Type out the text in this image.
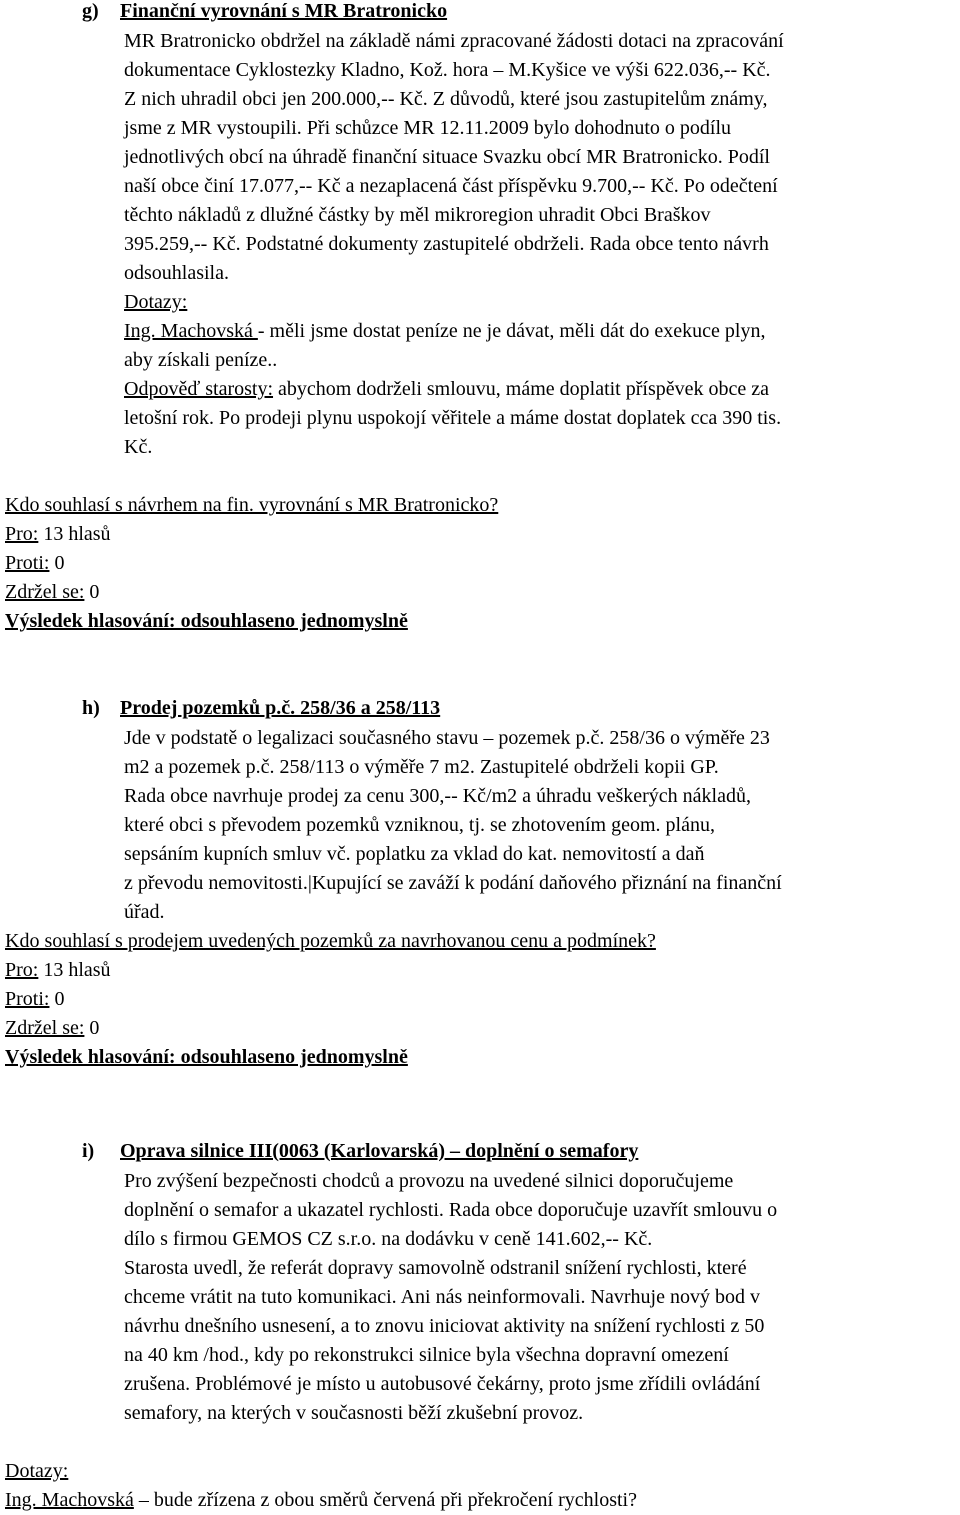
g) Finanční vyrovnání s MR Bratronicko
MR Bratronicko obdržel na základě námi zpracované žádosti dotaci na zpracování
dokumentace Cyklostezky Kladno, Kož. hora – M.Kyšice ve výši 622.036,-- Kč.
Z nich uhradil obci jen 200.000,-- Kč. Z důvodů, které jsou zastupitelům známy,
jsme z MR vystoupili. Při schůzce MR 12.11.2009 bylo dohodnuto o podílu
jednotlivých obcí na úhradě finanční situace Svazku obcí MR Bratronicko. Podíl
naší obce činí 17.077,-- Kč a nezaplacená část příspěvku 9.700,-- Kč. Po odečtení
těchto nákladů z dlužné částky by měl mikroregion uhradit Obci Braškov
395.259,-- Kč. Podstatné dokumenty zastupitelé obdrželi. Rada obce tento návrh
odsouhlasila.
Dotazy:
Ing. Machovská - měli jsme dostat peníze ne je dávat, měli dát do exekuce plyn,
aby získali peníze..
Odpověď starosty: abychom dodrželi smlouvu, máme doplatit příspěvek obce za
letošní rok. Po prodeji plynu uspokojí věřitele a máme dostat doplatek cca 390 tis.
Kč.
Kdo souhlasí s návrhem na fin. vyrovnání s MR Bratronicko?
Pro: 13 hlasů
Proti: 0
Zdržel se: 0
Výsledek hlasování: odsouhlaseno jednomyslně
h) Prodej pozemků p.č. 258/36 a 258/113
Jde v podstatě o legalizaci současného stavu – pozemek p.č. 258/36 o výměře 23
m2 a pozemek p.č. 258/113 o výměře 7 m2. Zastupitelé obdrželi kopii GP.
Rada obce navrhuje prodej za cenu 300,-- Kč/m2 a úhradu veškerých nákladů,
které obci s převodem pozemků vzniknou, tj. se zhotovením geom. plánu,
sepsáním kupních smluv vč. poplatku za vklad do kat. nemovitostí a daň
z převodu nemovitosti.|Kupující se zaváží k podání daňového přiznání na finanční
úřad.
Kdo souhlasí s prodejem uvedených pozemků za navrhovanou cenu a podmínek?
Pro: 13 hlasů
Proti: 0
Zdržel se: 0
Výsledek hlasování: odsouhlaseno jednomyslně
i) Oprava silnice III(0063 (Karlovarská) – doplnění o semafory
Pro zvýšení bezpečnosti chodců a provozu na uvedené silnici doporučujeme
doplnění o semafor a ukazatel rychlosti. Rada obce doporučuje uzavřít smlouvu o
dílo s firmou GEMOS CZ s.r.o. na dodávku v ceně 141.602,-- Kč.
Starosta uvedl, že referát dopravy samovolně odstranil snížení rychlosti, které
chceme vrátit na tuto komunikaci. Ani nás neinformovali. Navrhuje nový bod v
návrhu dnešního usnesení, a to znovu iniciovat aktivity na snížení rychlosti z 50
na 40 km /hod., kdy po rekonstrukci silnice byla všechna dopravní omezení
zrušena. Problémové je místo u autobusové čekárny, proto jsme zřídili ovládání
semafory, na kterých v současnosti běží zkušební provoz.
Dotazy:
Ing. Machovská – bude zřízena z obou směrů červená při překročení rychlosti?
